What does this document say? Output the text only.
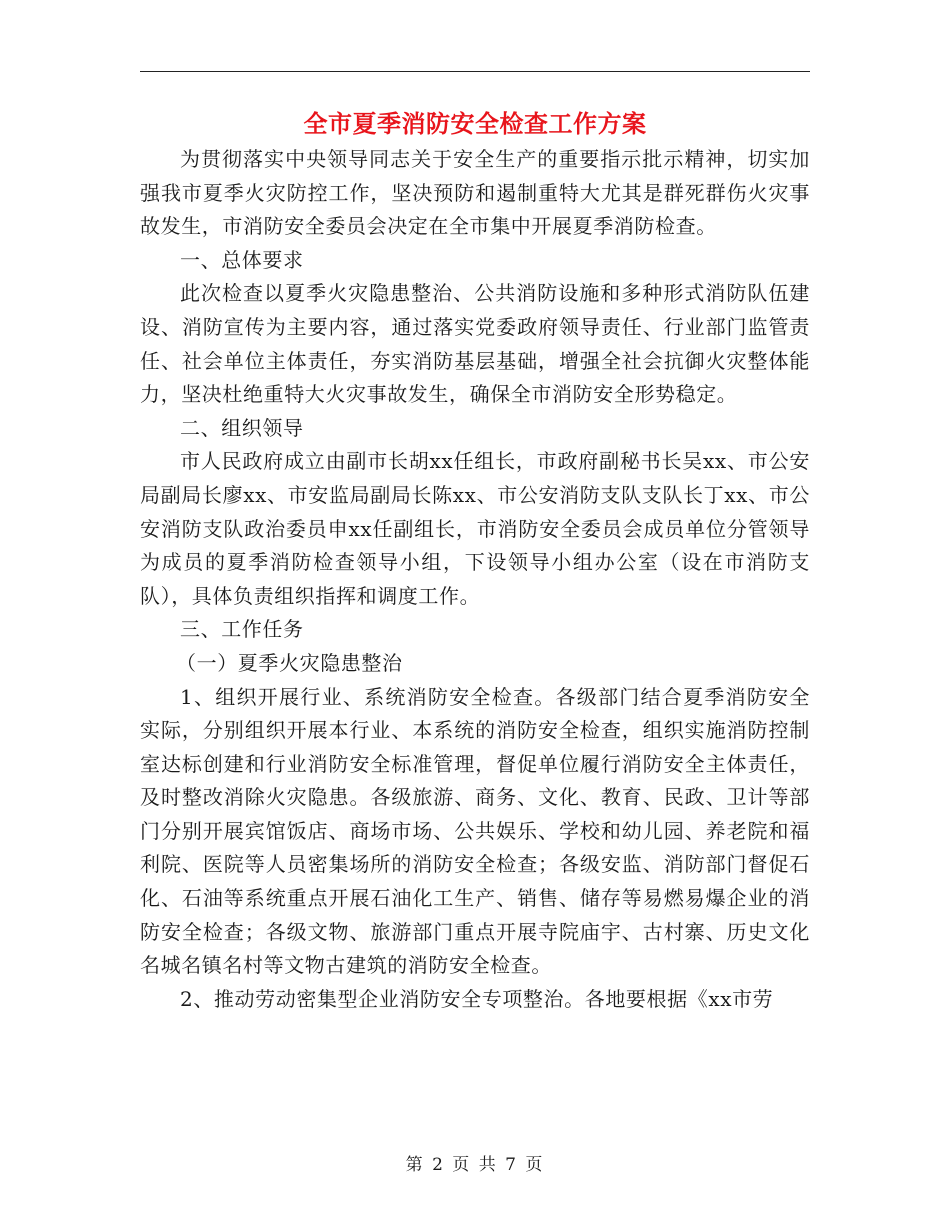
全市夏季消防安全检查工作方案

为贯彻落实中央领导同志关于安全生产的重要指示批示精神，切实加强我市夏季火灾防控工作，坚决预防和遏制重特大尤其是群死群伤火灾事故发生，市消防安全委员会决定在全市集中开展夏季消防检查。

一、总体要求

此次检查以夏季火灾隐患整治、公共消防设施和多种形式消防队伍建设、消防宣传为主要内容，通过落实党委政府领导责任、行业部门监管责任、社会单位主体责任，夯实消防基层基础，增强全社会抗御火灾整体能力，坚决杜绝重特大火灾事故发生，确保全市消防安全形势稳定。

二、组织领导

市人民政府成立由副市长胡xx任组长，市政府副秘书长吴xx、市公安局副局长廖xx、市安监局副局长陈xx、市公安消防支队支队长丁xx、市公安消防支队政治委员申xx任副组长，市消防安全委员会成员单位分管领导为成员的夏季消防检查领导小组，下设领导小组办公室（设在市消防支队），具体负责组织指挥和调度工作。

三、工作任务

（一）夏季火灾隐患整治

1、组织开展行业、系统消防安全检查。各级部门结合夏季消防安全实际，分别组织开展本行业、本系统的消防安全检查，组织实施消防控制室达标创建和行业消防安全标准管理，督促单位履行消防安全主体责任，及时整改消除火灾隐患。各级旅游、商务、文化、教育、民政、卫计等部门分别开展宾馆饭店、商场市场、公共娱乐、学校和幼儿园、养老院和福利院、医院等人员密集场所的消防安全检查；各级安监、消防部门督促石化、石油等系统重点开展石油化工生产、销售、储存等易燃易爆企业的消防安全检查；各级文物、旅游部门重点开展寺院庙宇、古村寨、历史文化名城名镇名村等文物古建筑的消防安全检查。

2、推动劳动密集型企业消防安全专项整治。各地要根据《xx市劳

第 2 页 共 7 页
